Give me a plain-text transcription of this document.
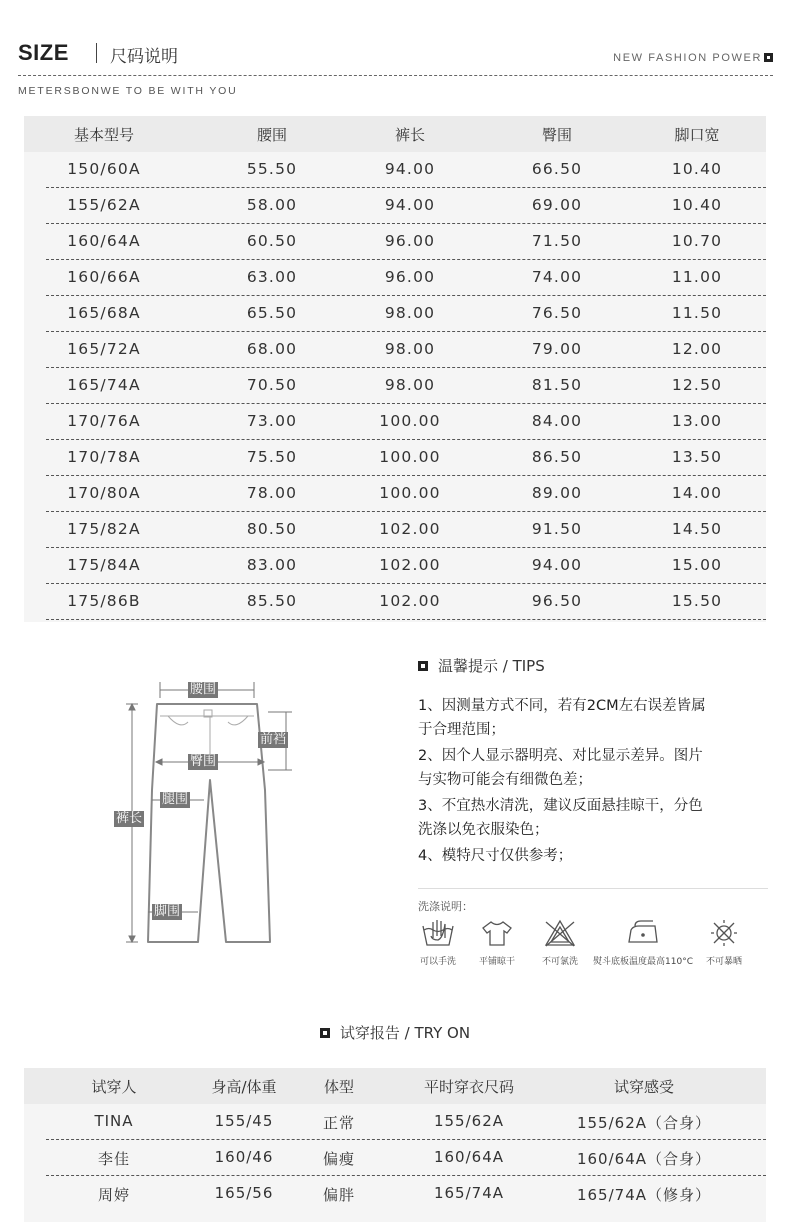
SIZE 尺码说明	NEW FASHION POWER
METERSBONWE TO BE WITH YOU
基本型号	腰围	裤长	臀围	脚口宽
150/60A	55.50	94.00	66.50	10.40
155/62A	58.00	94.00	69.00	10.40
160/64A	60.50	96.00	71.50	10.70
160/66A	63.00	96.00	74.00	11.00
165/68A	65.50	98.00	76.50	11.50
165/72A	68.00	98.00	79.00	12.00
165/74A	70.50	98.00	81.50	12.50
170/76A	73.00	100.00	84.00	13.00
170/78A	75.50	100.00	86.50	13.50
170/80A	78.00	100.00	89.00	14.00
175/82A	80.50	102.00	91.50	14.50
175/84A	83.00	102.00	94.00	15.00
175/86B	85.50	102.00	96.50	15.50
腰围
前裆
臀围
腿围
裤长
脚围
温馨提示 / TIPS
1、因测量方式不同，若有2CM左右误差皆属
于合理范围；
2、因个人显示器明亮、对比显示差异。图片
与实物可能会有细微色差；
3、不宜热水清洗，建议反面悬挂晾干，分色
洗涤以免衣服染色；
4、模特尺寸仅供参考；
洗涤说明：
可以手洗	平铺晾干	不可氯洗	熨斗底板温度最高110°C	不可暴晒
试穿报告 / TRY ON
试穿人	身高/体重	体型	平时穿衣尺码	试穿感受
TINA	155/45	正常	155/62A	155/62A（合身）
李佳	160/46	偏瘦	160/64A	160/64A（合身）
周婷	165/56	偏胖	165/74A	165/74A（修身）
